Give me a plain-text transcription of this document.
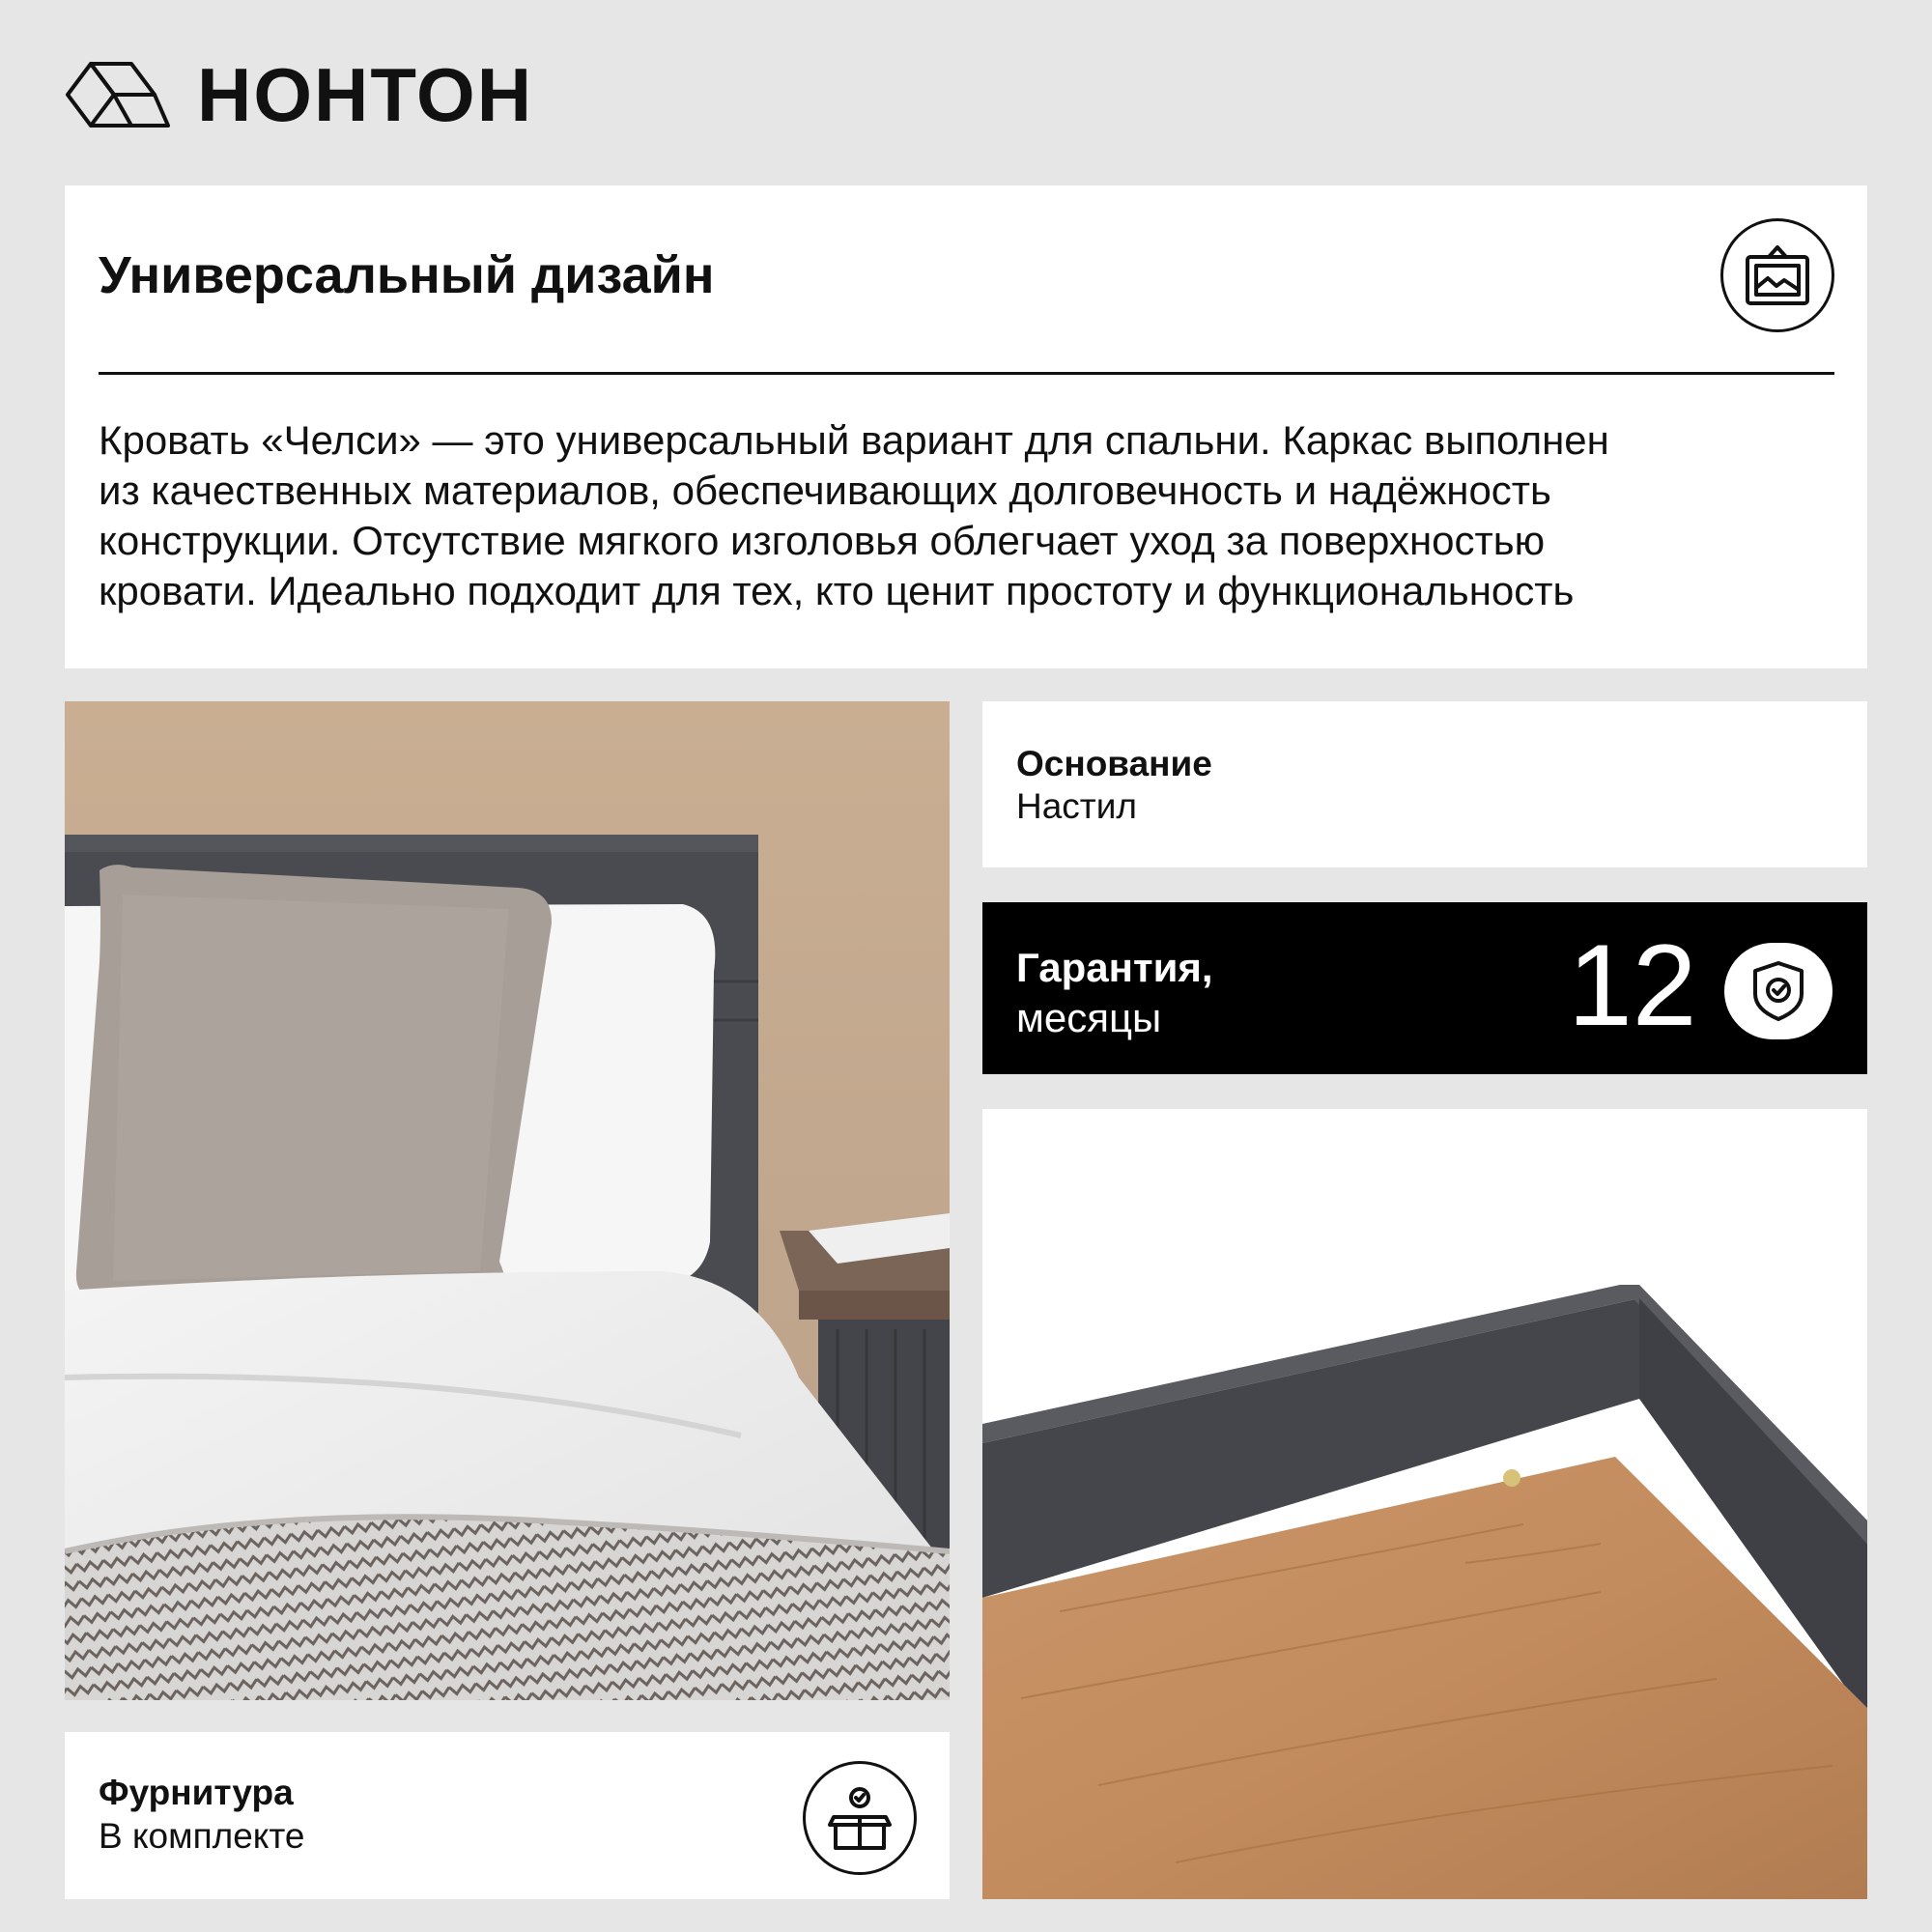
НОНТОН
Универсальный дизайн
Кровать «Челси» — это универсальный вариант для спальни. Каркас выполнен
из качественных материалов, обеспечивающих долговечность и надёжность
конструкции. Отсутствие мягкого изголовья облегчает уход за поверхностью
кровати. Идеально подходит для тех, кто ценит простоту и функциональность
Основание
Настил
Гарантия,
месяцы	12
Фурнитура
В комплекте
